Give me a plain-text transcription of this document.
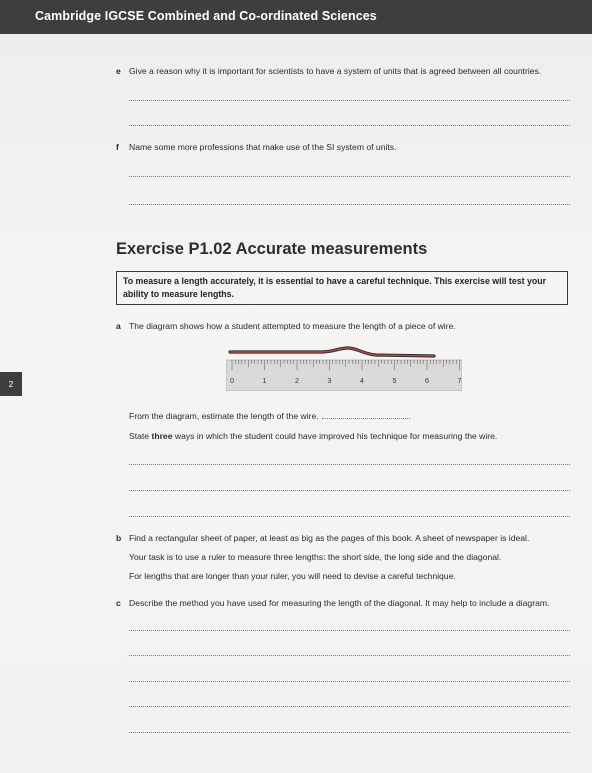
Cambridge IGCSE Combined and Co-ordinated Sciences
2
e Give a reason why it is important for scientists to have a system of units that is agreed between all countries.
f Name some more professions that make use of the SI system of units.
Exercise P1.02 Accurate measurements
To measure a length accurately, it is essential to have a careful technique. This exercise will test your ability to measure lengths.
a The diagram shows how a student attempted to measure the length of a piece of wire.
0	1	2	3	4	5	6	7
From the diagram, estimate the length of the wire.
State three ways in which the student could have improved his technique for measuring the wire.
b Find a rectangular sheet of paper, at least as big as the pages of this book. A sheet of newspaper is ideal.
Your task is to use a ruler to measure three lengths: the short side, the long side and the diagonal.
For lengths that are longer than your ruler, you will need to devise a careful technique.
c Describe the method you have used for measuring the length of the diagonal. It may help to include a diagram.
